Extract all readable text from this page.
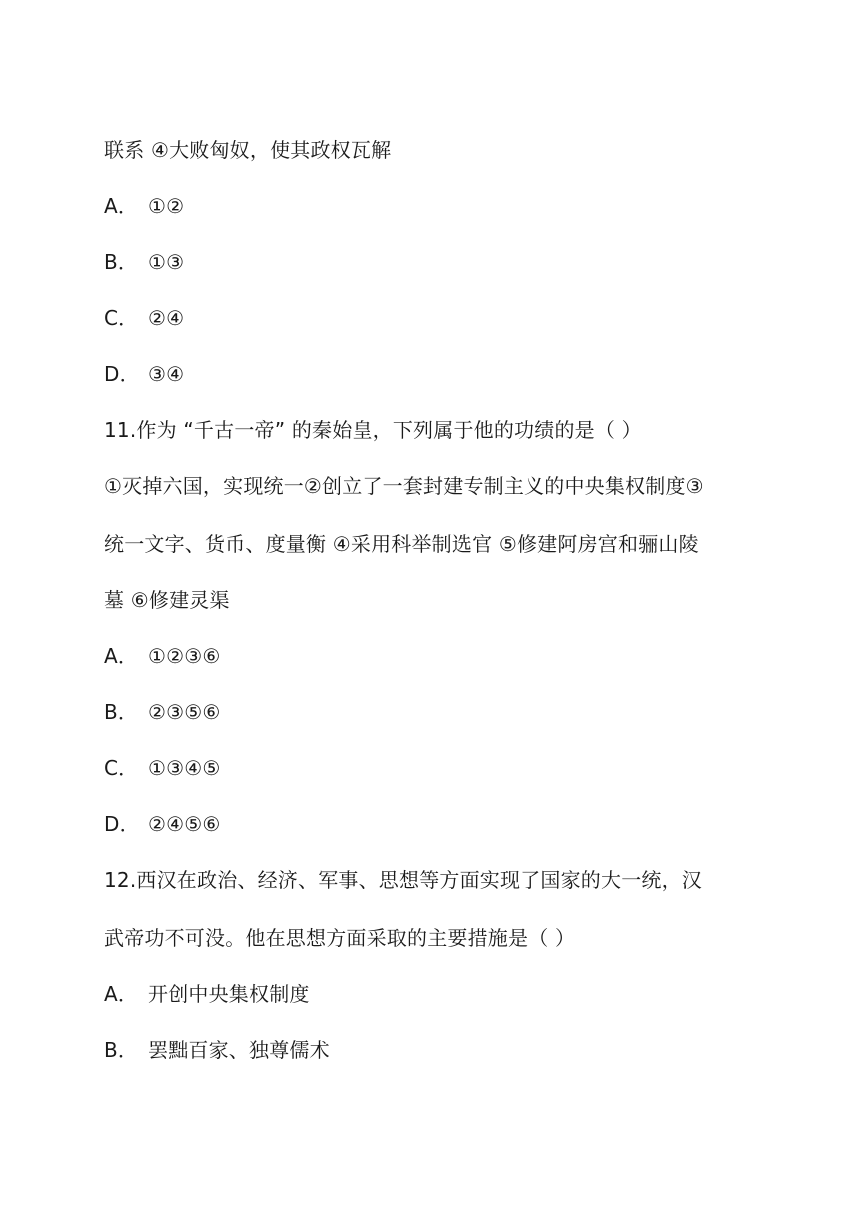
联系 ④大败匈奴，使其政权瓦解
A． ①②
B． ①③
C． ②④
D． ③④
11.作为 “千古一帝” 的秦始皇，下列属于他的功绩的是（ ）
①灭掉六国，实现统一②创立了一套封建专制主义的中央集权制度③
统一文字、货币、度量衡 ④采用科举制选官 ⑤修建阿房宫和骊山陵
墓 ⑥修建灵渠
A． ①②③⑥
B． ②③⑤⑥
C． ①③④⑤
D． ②④⑤⑥
12.西汉在政治、经济、军事、思想等方面实现了国家的大一统，汉
武帝功不可没。他在思想方面采取的主要措施是（ ）
A． 开创中央集权制度
B． 罢黜百家、独尊儒术
